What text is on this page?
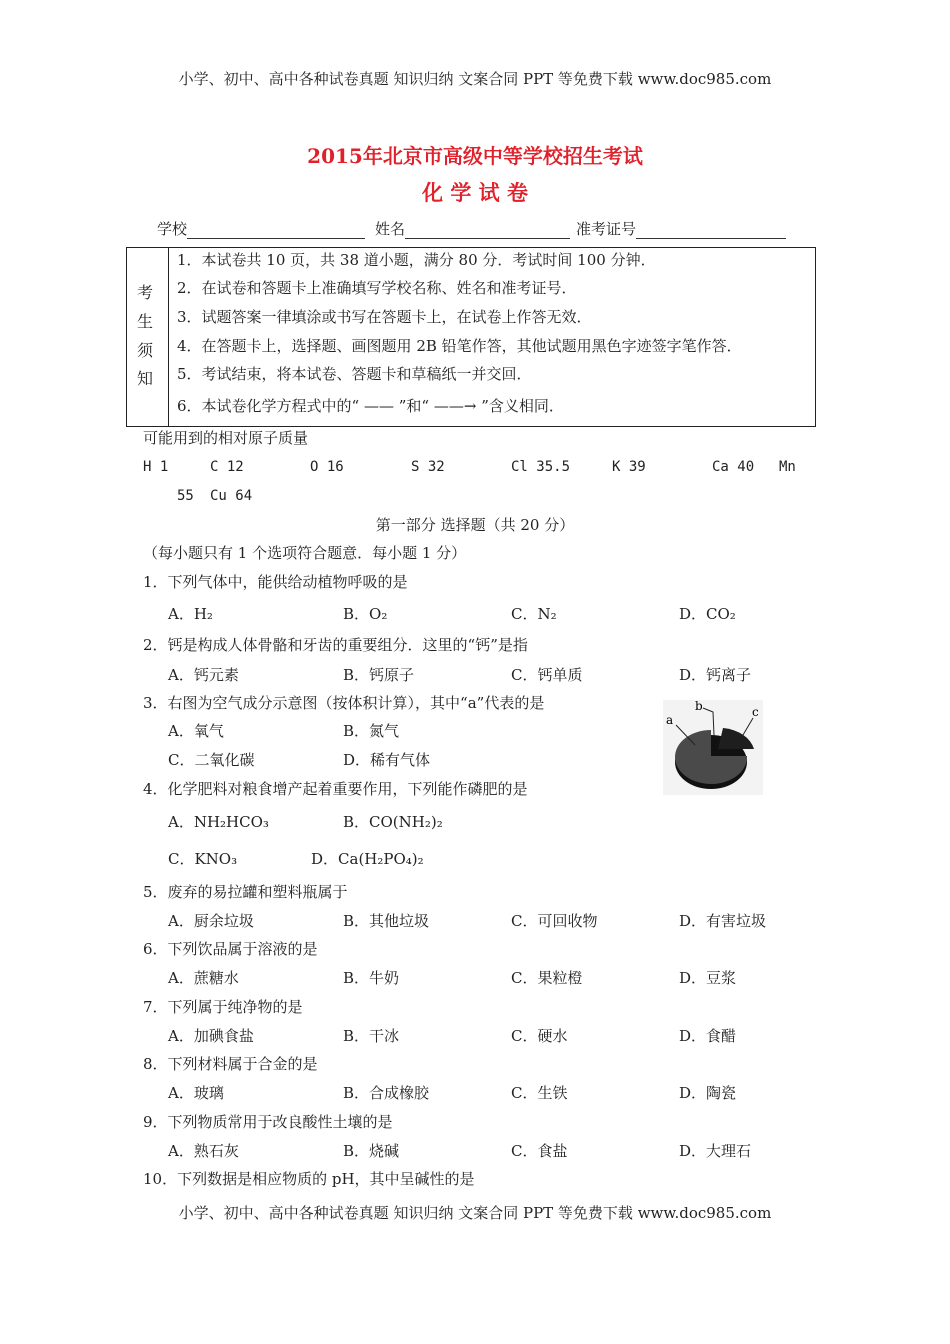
小学、初中、高中各种试卷真题 知识归纳 文案合同 PPT 等免费下载 www.doc985.com
2015年北京市高级中等学校招生考试
化 学 试 卷
学校	姓名	准考证号
考
生
须
知
1．本试卷共 10 页，共 38 道小题，满分 80 分．考试时间 100 分钟．
2．在试卷和答题卡上准确填写学校名称、姓名和准考证号．
3．试题答案一律填涂或书写在答题卡上，在试卷上作答无效．
4．在答题卡上，选择题、画图题用 2B 铅笔作答，其他试题用黑色字迹签字笔作答．
5．考试结束，将本试卷、答题卡和草稿纸一并交回．
6．本试卷化学方程式中的“ —— ”和“ ——→ ”含义相同．
可能用到的相对原子质量
H 1	C 12	O 16	S 32	Cl 35.5	K 39	Ca 40 Mn
55 Cu 64
第一部分 选择题（共 20 分）
（每小题只有 1 个选项符合题意．每小题 1 分）
1．下列气体中，能供给动植物呼吸的是
A．H₂	B．O₂	C．N₂	D．CO₂
2．钙是构成人体骨骼和牙齿的重要组分．这里的“钙”是指
A．钙元素	B．钙原子	C．钙单质	D．钙离子
3．右图为空气成分示意图（按体积计算），其中“a”代表的是
A．氧气	B．氮气
C．二氧化碳	D．稀有气体
4．化学肥料对粮食增产起着重要作用，下列能作磷肥的是
A．NH₂HCO₃	B．CO(NH₂)₂
C．KNO₃	D．Ca(H₂PO₄)₂
5．废弃的易拉罐和塑料瓶属于
A．厨余垃圾	B．其他垃圾	C．可回收物	D．有害垃圾
6．下列饮品属于溶液的是
A．蔗糖水	B．牛奶	C．果粒橙	D．豆浆
7．下列属于纯净物的是
A．加碘食盐	B．干冰	C．硬水	D．食醋
8．下列材料属于合金的是
A．玻璃	B．合成橡胶	C．生铁	D．陶瓷
9．下列物质常用于改良酸性土壤的是
A．熟石灰	B．烧碱	C．食盐	D．大理石
10．下列数据是相应物质的 pH，其中呈碱性的是
a
b	c
小学、初中、高中各种试卷真题 知识归纳 文案合同 PPT 等免费下载 www.doc985.com
